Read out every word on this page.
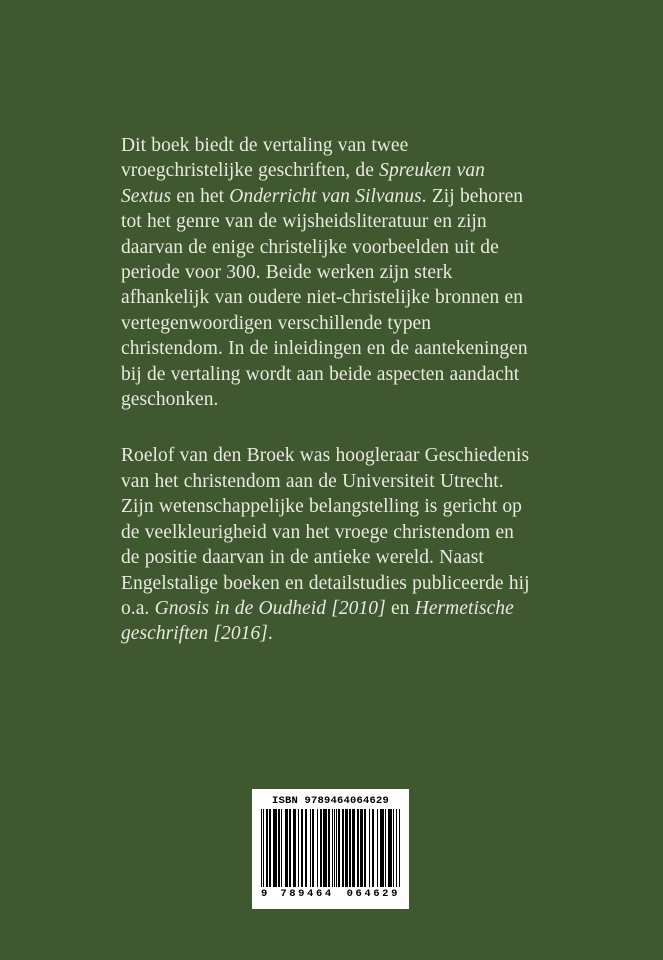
Dit boek biedt de vertaling van twee vroegchristelijke geschriften, de Spreuken van Sextus en het Onderricht van Silvanus. Zij behoren tot het genre van de wijsheidsliteratuur en zijn daarvan de enige christelijke voorbeelden uit de periode voor 300. Beide werken zijn sterk afhankelijk van oudere niet-christelijke bronnen en vertegenwoordigen verschillende typen christendom. In de inleidingen en de aantekeningen bij de vertaling wordt aan beide aspecten aandacht geschonken.

Roelof van den Broek was hoogleraar Geschiedenis van het christendom aan de Universiteit Utrecht. Zijn wetenschappelijke belangstelling is gericht op de veelkleurigheid van het vroege christendom en de positie daarvan in de antieke wereld. Naast Engelstalige boeken en detailstudies publiceerde hij o.a. Gnosis in de Oudheid [2010] en Hermetische geschriften [2016].

ISBN 9789464064629
9 789464 064629
